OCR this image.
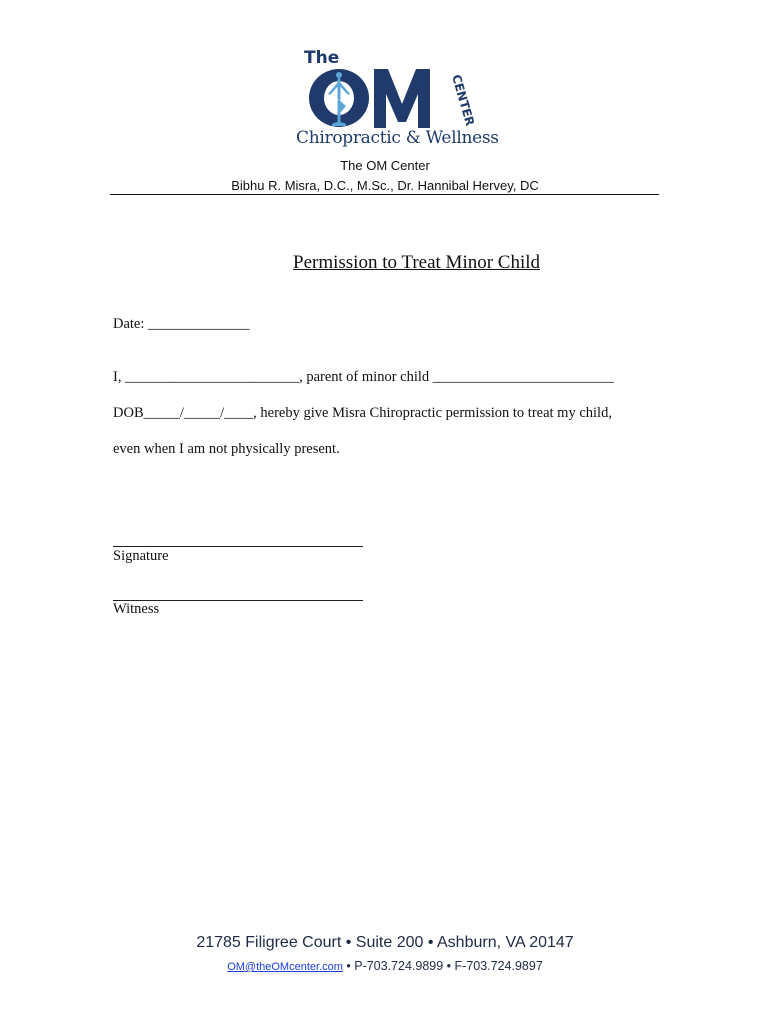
The
CENTER
Chiropractic & Wellness
The OM Center
Bibhu R. Misra, D.C., M.Sc., Dr. Hannibal Hervey, DC
Permission to Treat Minor Child
Date: ______________
I, ________________________, parent of minor child _________________________
DOB_____/_____/____, hereby give Misra Chiropractic permission to treat my child,
even when I am not physically present.
Signature
Witness
21785 Filigree Court • Suite 200 • Ashburn, VA 20147
OM@theOMcenter.com • P-703.724.9899 • F-703.724.9897
